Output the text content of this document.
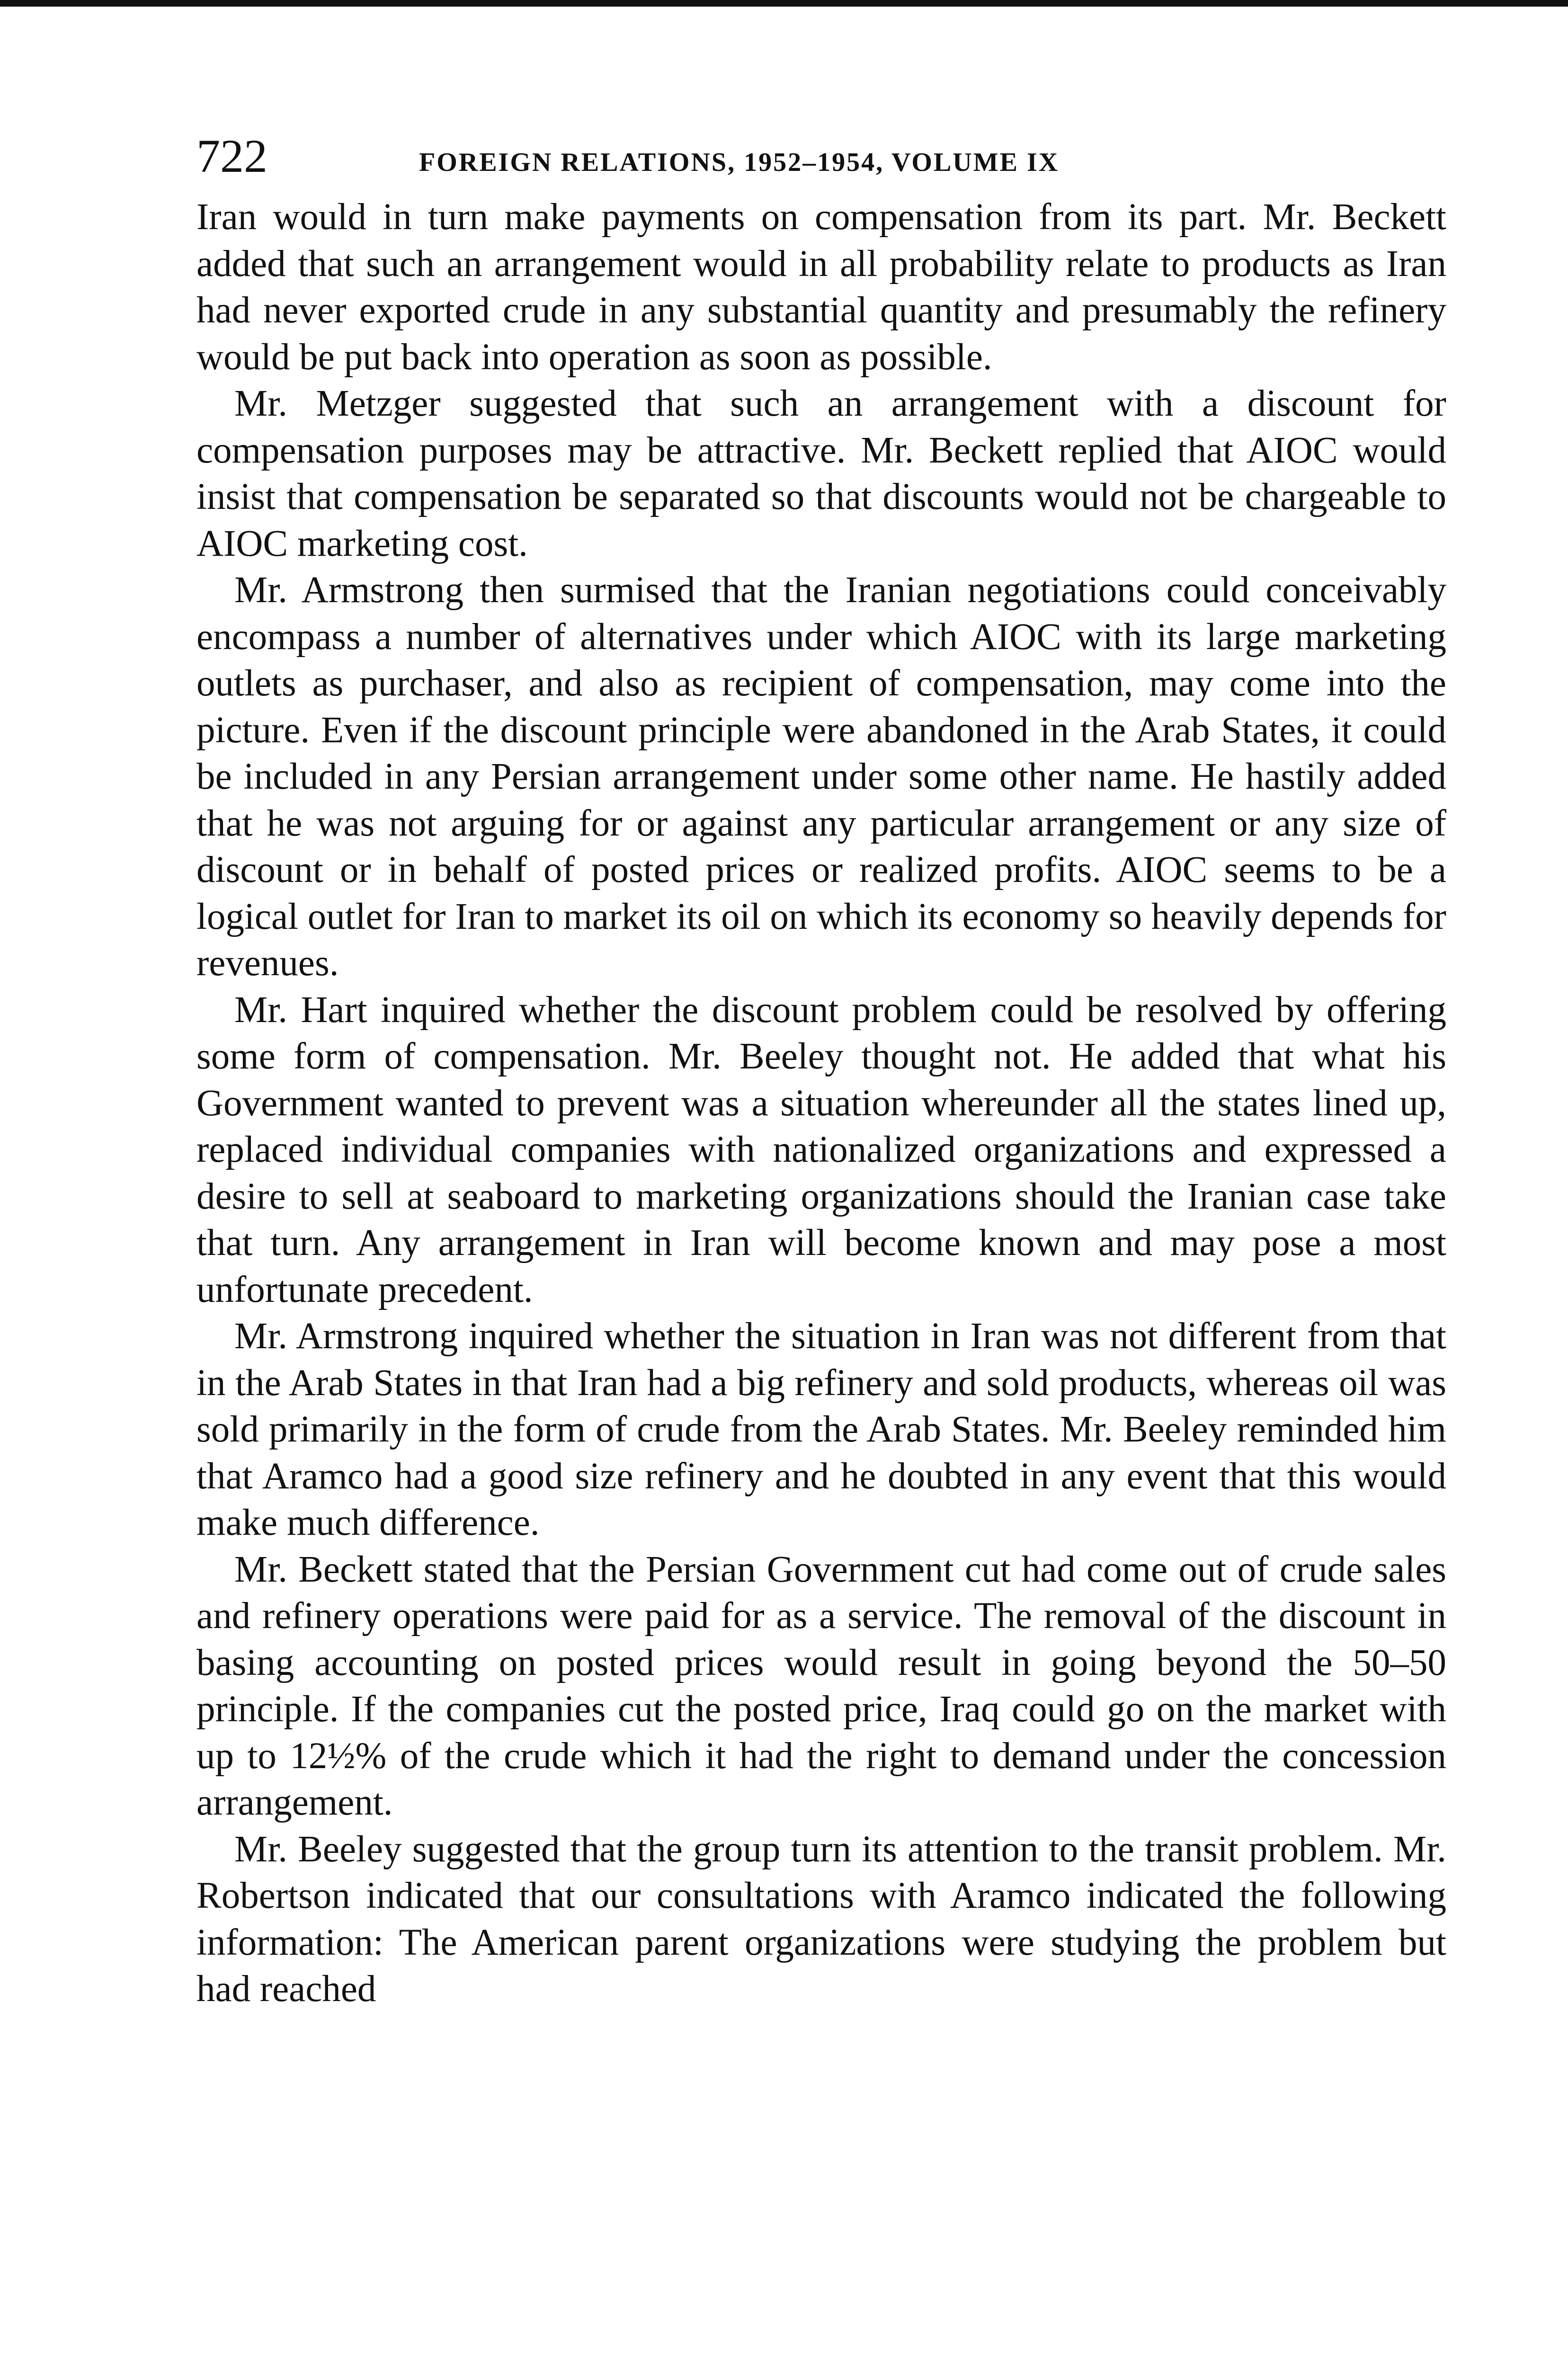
722	FOREIGN RELATIONS, 1952–1954, VOLUME IX

Iran would in turn make payments on compensation from its part. Mr. Beckett added that such an arrangement would in all probability relate to products as Iran had never exported crude in any substantial quantity and presumably the refinery would be put back into operation as soon as possible.

Mr. Metzger suggested that such an arrangement with a discount for compensation purposes may be attractive. Mr. Beckett replied that AIOC would insist that compensation be separated so that discounts would not be chargeable to AIOC marketing cost.

Mr. Armstrong then surmised that the Iranian negotiations could conceivably encompass a number of alternatives under which AIOC with its large marketing outlets as purchaser, and also as recipient of compensation, may come into the picture. Even if the discount principle were abandoned in the Arab States, it could be included in any Persian arrangement under some other name. He hastily added that he was not arguing for or against any particular arrangement or any size of discount or in behalf of posted prices or realized profits. AIOC seems to be a logical outlet for Iran to market its oil on which its economy so heavily depends for revenues.

Mr. Hart inquired whether the discount problem could be resolved by offering some form of compensation. Mr. Beeley thought not. He added that what his Government wanted to prevent was a situation whereunder all the states lined up, replaced individual companies with nationalized organizations and expressed a desire to sell at seaboard to marketing organizations should the Iranian case take that turn. Any arrangement in Iran will become known and may pose a most unfortunate precedent.

Mr. Armstrong inquired whether the situation in Iran was not different from that in the Arab States in that Iran had a big refinery and sold products, whereas oil was sold primarily in the form of crude from the Arab States. Mr. Beeley reminded him that Aramco had a good size refinery and he doubted in any event that this would make much difference.

Mr. Beckett stated that the Persian Government cut had come out of crude sales and refinery operations were paid for as a service. The removal of the discount in basing accounting on posted prices would result in going beyond the 50–50 principle. If the companies cut the posted price, Iraq could go on the market with up to 12½% of the crude which it had the right to demand under the concession arrangement.

Mr. Beeley suggested that the group turn its attention to the transit problem. Mr. Robertson indicated that our consultations with Aramco indicated the following information: The American parent organizations were studying the problem but had reached
